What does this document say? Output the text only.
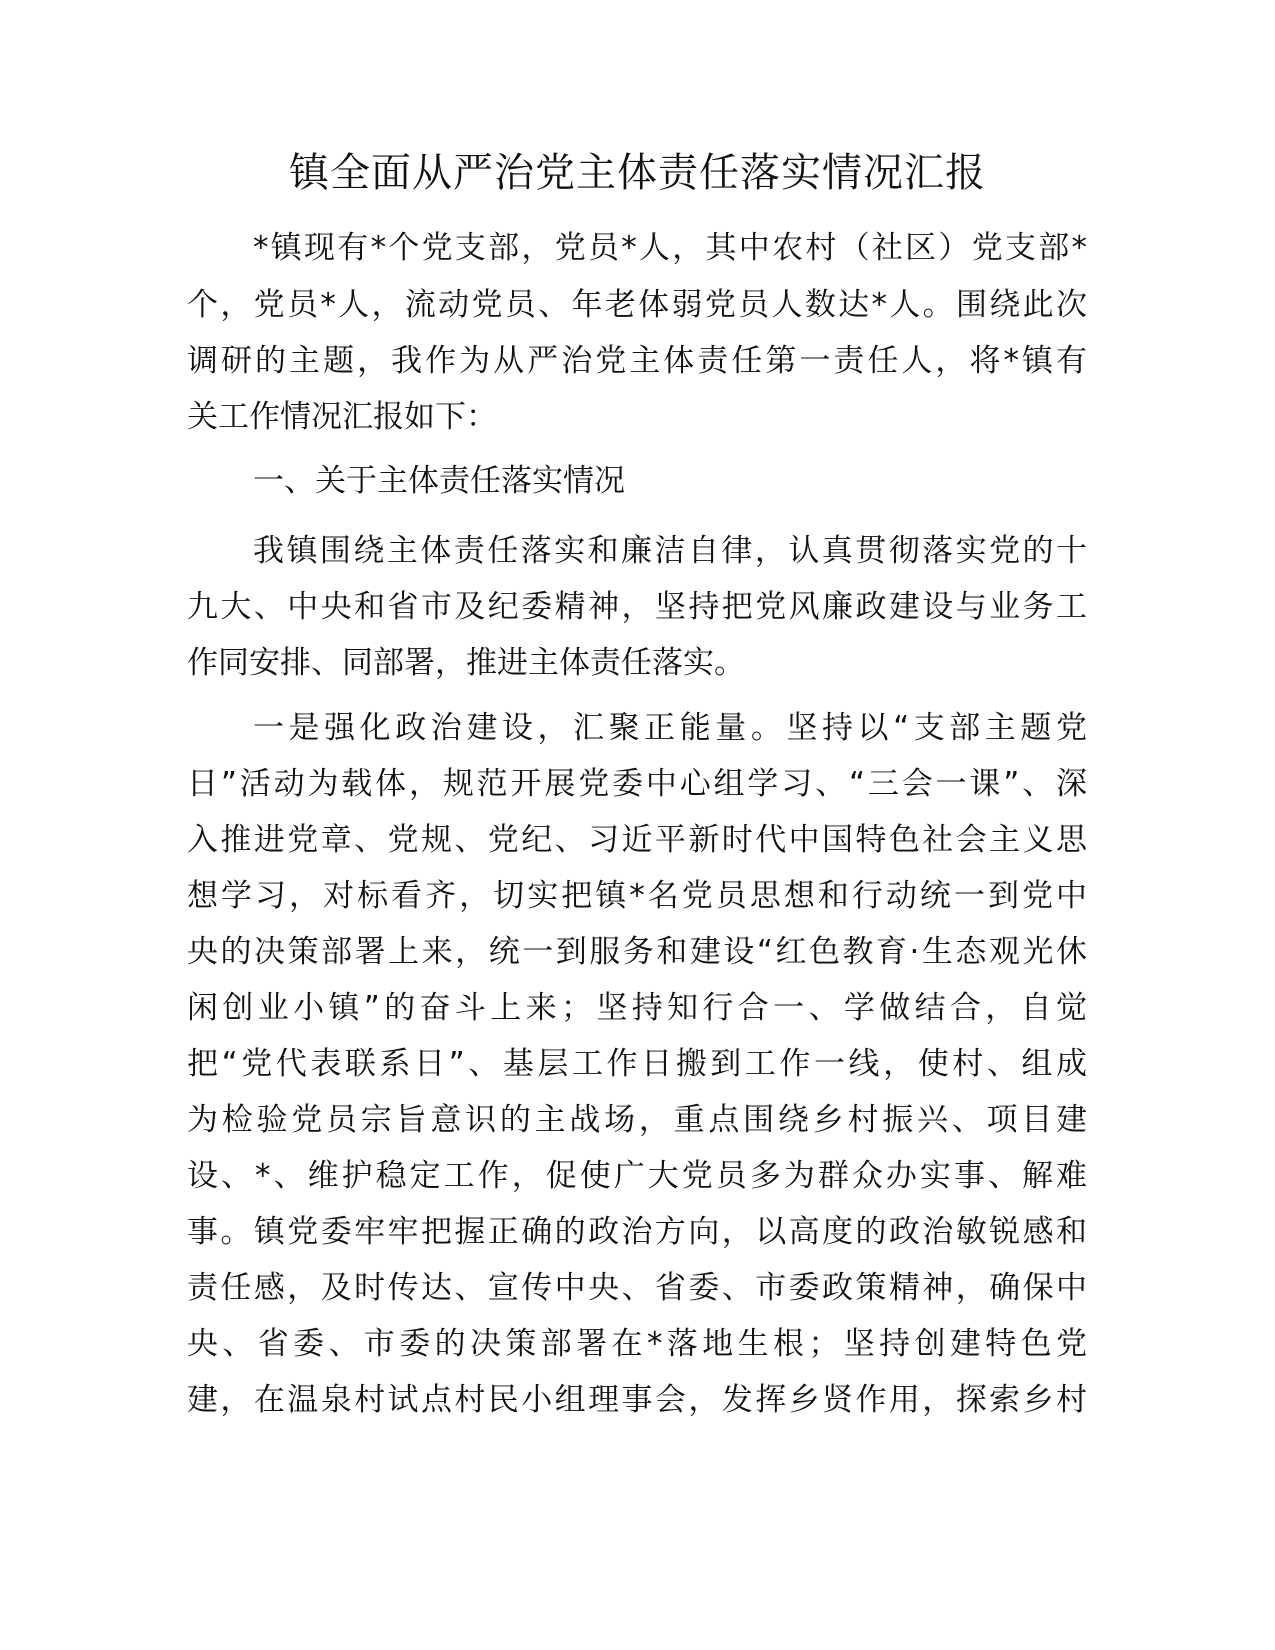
镇全面从严治党主体责任落实情况汇报
*镇现有*个党支部，党员*人，其中农村（社区）党支部*
个，党员*人，流动党员、年老体弱党员人数达*人。围绕此次
调研的主题，我作为从严治党主体责任第一责任人，将*镇有
关工作情况汇报如下：
一、关于主体责任落实情况
我镇围绕主体责任落实和廉洁自律，认真贯彻落实党的十
九大、中央和省市及纪委精神，坚持把党风廉政建设与业务工
作同安排、同部署，推进主体责任落实。
一是强化政治建设，汇聚正能量。坚持以“支部主题党
日”活动为载体，规范开展党委中心组学习、“三会一课”、深
入推进党章、党规、党纪、习近平新时代中国特色社会主义思
想学习，对标看齐，切实把镇*名党员思想和行动统一到党中
央的决策部署上来，统一到服务和建设“红色教育·生态观光休
闲创业小镇”的奋斗上来；坚持知行合一、学做结合，自觉
把“党代表联系日”、基层工作日搬到工作一线，使村、组成
为检验党员宗旨意识的主战场，重点围绕乡村振兴、项目建
设、*、维护稳定工作，促使广大党员多为群众办实事、解难
事。镇党委牢牢把握正确的政治方向，以高度的政治敏锐感和
责任感，及时传达、宣传中央、省委、市委政策精神，确保中
央、省委、市委的决策部署在*落地生根；坚持创建特色党
建，在温泉村试点村民小组理事会，发挥乡贤作用，探索乡村
